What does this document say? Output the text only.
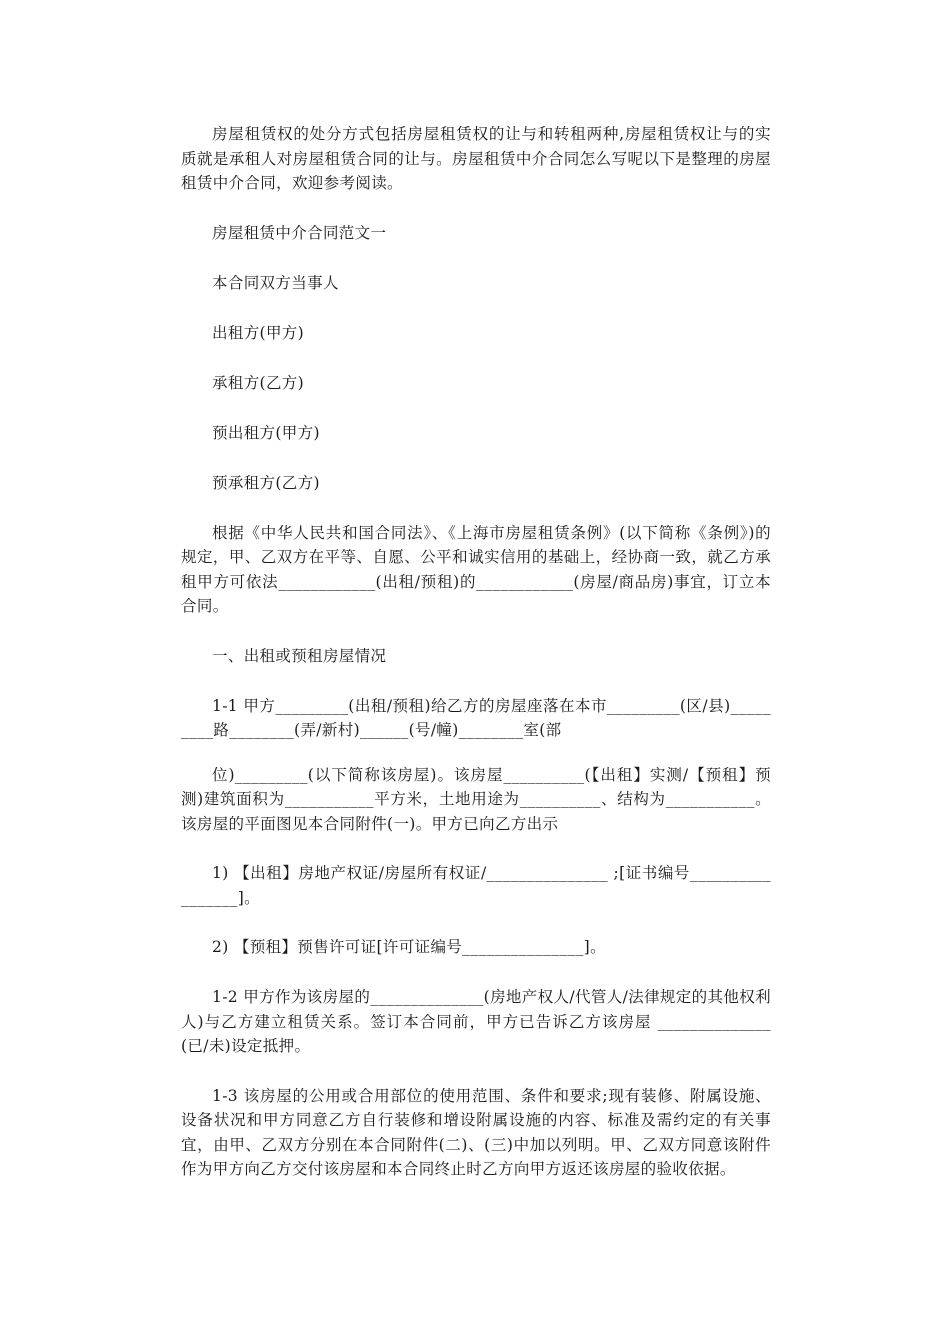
房屋租赁权的处分方式包括房屋租赁权的让与和转租两种,房屋租赁权让与的实质就是承租人对房屋租赁合同的让与。房屋租赁中介合同怎么写呢以下是整理的房屋租赁中介合同，欢迎参考阅读。

房屋租赁中介合同范文一

本合同双方当事人

出租方(甲方)

承租方(乙方)

预出租方(甲方)

预承租方(乙方)

根据《中华人民共和国合同法》、《上海市房屋租赁条例》(以下简称《条例》)的规定，甲、乙双方在平等、自愿、公平和诚实信用的基础上，经协商一致，就乙方承租甲方可依法____________(出租/预租)的____________(房屋/商品房)事宜，订立本合同。

一、出租或预租房屋情况

1-1 甲方_________(出租/预租)给乙方的房屋座落在本市_________(区/县)_________路________(弄/新村)______(号/幢)________室(部

位)_________(以下简称该房屋)。该房屋__________(【出租】实测/【预租】预测)建筑面积为___________平方米，土地用途为__________、结构为___________。该房屋的平面图见本合同附件(一)。甲方已向乙方出示

1) 【出租】房地产权证/房屋所有权证/_______________ ;[证书编号_________________]。

2) 【预租】预售许可证[许可证编号_______________]。

1-2 甲方作为该房屋的______________(房地产权人/代管人/法律规定的其他权利人)与乙方建立租赁关系。签订本合同前，甲方已告诉乙方该房屋 ______________(已/未)设定抵押。

1-3 该房屋的公用或合用部位的使用范围、条件和要求;现有装修、附属设施、设备状况和甲方同意乙方自行装修和增设附属设施的内容、标准及需约定的有关事宜，由甲、乙双方分别在本合同附件(二)、(三)中加以列明。甲、乙双方同意该附件作为甲方向乙方交付该房屋和本合同终止时乙方向甲方返还该房屋的验收依据。
